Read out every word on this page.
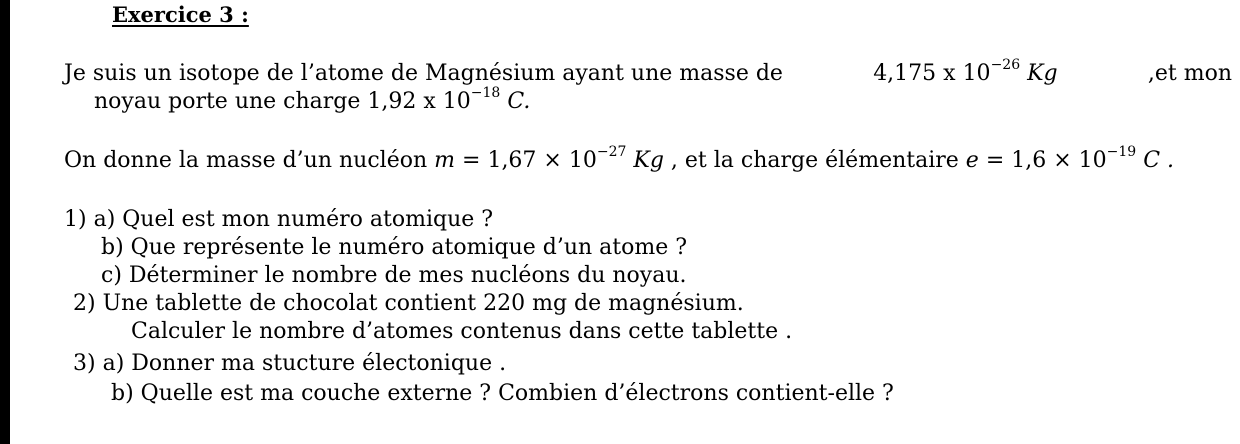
Exercice 3 :
Je suis un isotope de l’atome de Magnésium ayant une masse de	4,175 x $10^{-26}$ Kg	,et mon
noyau porte une charge 1,92 x $10^{-18}$ C.
On donne la masse d’un nucléon $m = 1,67 \times 10^{-27}$ Kg , et la charge élémentaire $e = 1,6 \times 10^{-19}$ C .
1) a) Quel est mon numéro atomique ?
b) Que représente le numéro atomique d’un atome ?
c) Déterminer le nombre de mes nucléons du noyau.
2) Une tablette de chocolat contient 220 mg de magnésium.
Calculer le nombre d’atomes contenus dans cette tablette .
3) a) Donner ma stucture électonique .
b) Quelle est ma couche externe ? Combien d’électrons contient-elle ?
